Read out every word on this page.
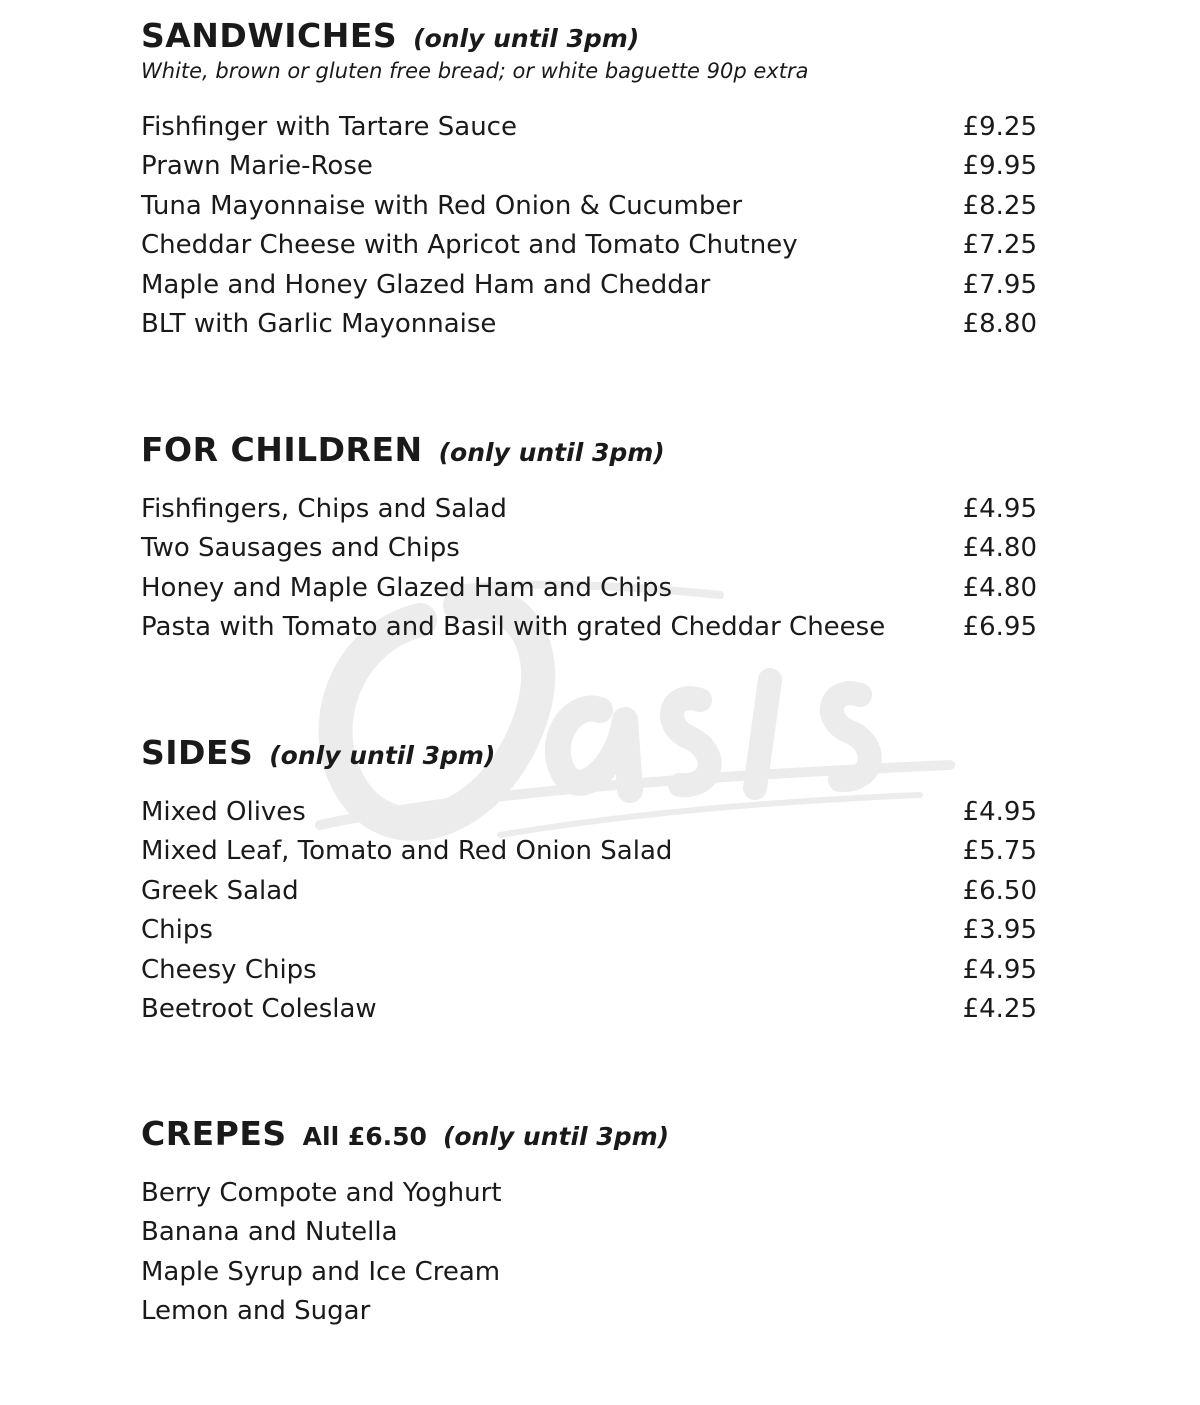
SANDWICHES (only until 3pm)
White, brown or gluten free bread; or white baguette 90p extra
Fishfinger with Tartare Sauce	£9.25
Prawn Marie-Rose	£9.95
Tuna Mayonnaise with Red Onion & Cucumber	£8.25
Cheddar Cheese with Apricot and Tomato Chutney	£7.25
Maple and Honey Glazed Ham and Cheddar	£7.95
BLT with Garlic Mayonnaise	£8.80
FOR CHILDREN (only until 3pm)
Fishfingers, Chips and Salad	£4.95
Two Sausages and Chips	£4.80
Honey and Maple Glazed Ham and Chips	£4.80
Pasta with Tomato and Basil with grated Cheddar Cheese	£6.95
SIDES (only until 3pm)
Mixed Olives	£4.95
Mixed Leaf, Tomato and Red Onion Salad	£5.75
Greek Salad	£6.50
Chips	£3.95
Cheesy Chips	£4.95
Beetroot Coleslaw	£4.25
CREPES All £6.50 (only until 3pm)
Berry Compote and Yoghurt
Banana and Nutella
Maple Syrup and Ice Cream
Lemon and Sugar
